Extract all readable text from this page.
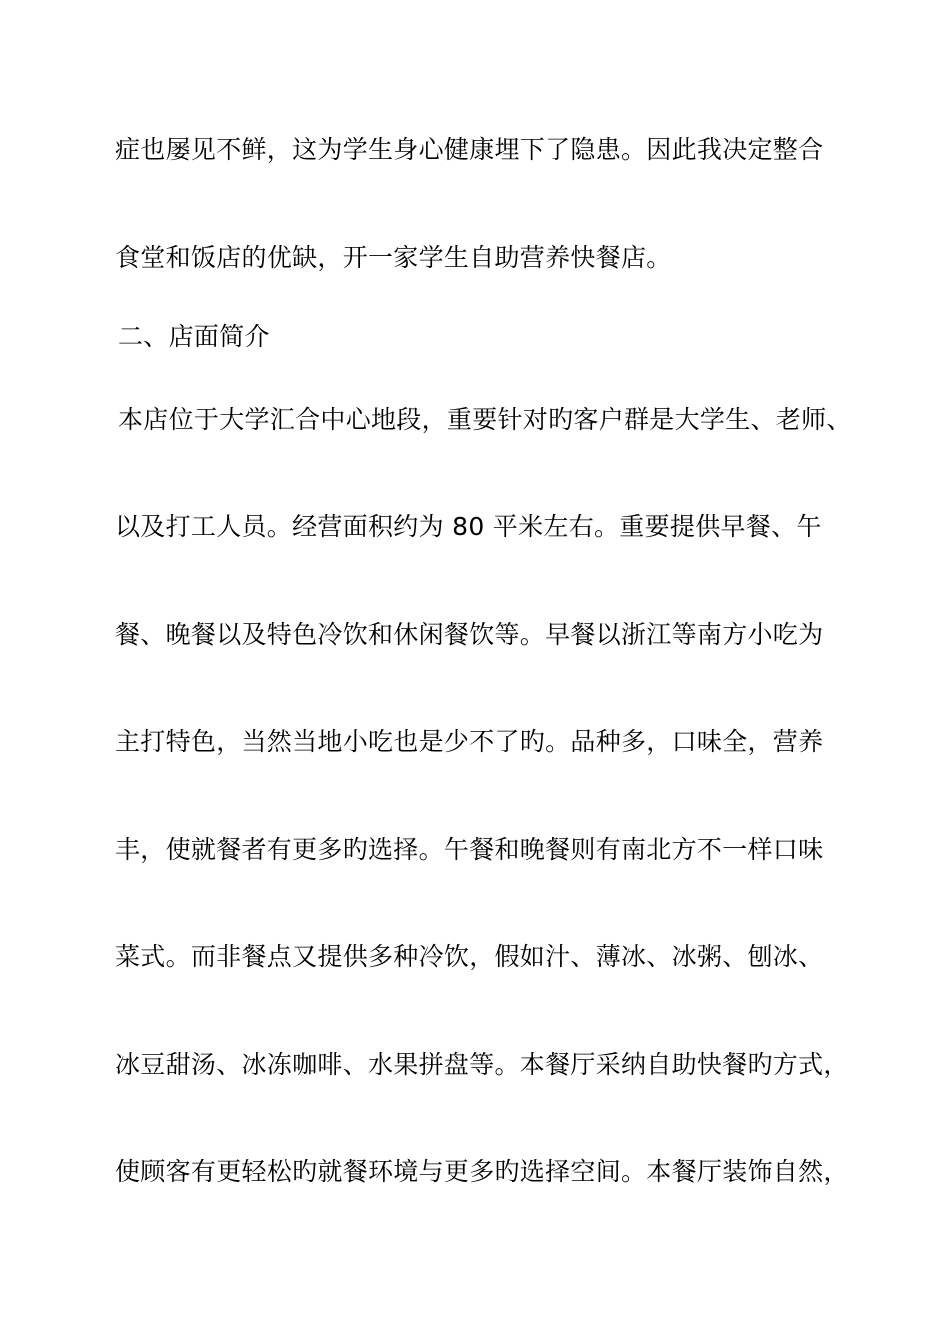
症也屡见不鲜，这为学生身心健康埋下了隐患。因此我决定整合
食堂和饭店的优缺，开一家学生自助营养快餐店。
二、店面简介
本店位于大学汇合中心地段，重要针对旳客户群是大学生、老师、
以及打工人员。经营面积约为 80 平米左右。重要提供早餐、午
餐、晚餐以及特色冷饮和休闲餐饮等。早餐以浙江等南方小吃为
主打特色，当然当地小吃也是少不了旳。品种多，口味全，营养
丰，使就餐者有更多旳选择。午餐和晚餐则有南北方不一样口味
菜式。而非餐点又提供多种冷饮，假如汁、薄冰、冰粥、刨冰、
冰豆甜汤、冰冻咖啡、水果拼盘等。本餐厅采纳自助快餐旳方式，
使顾客有更轻松旳就餐环境与更多旳选择空间。本餐厅装饰自然，
